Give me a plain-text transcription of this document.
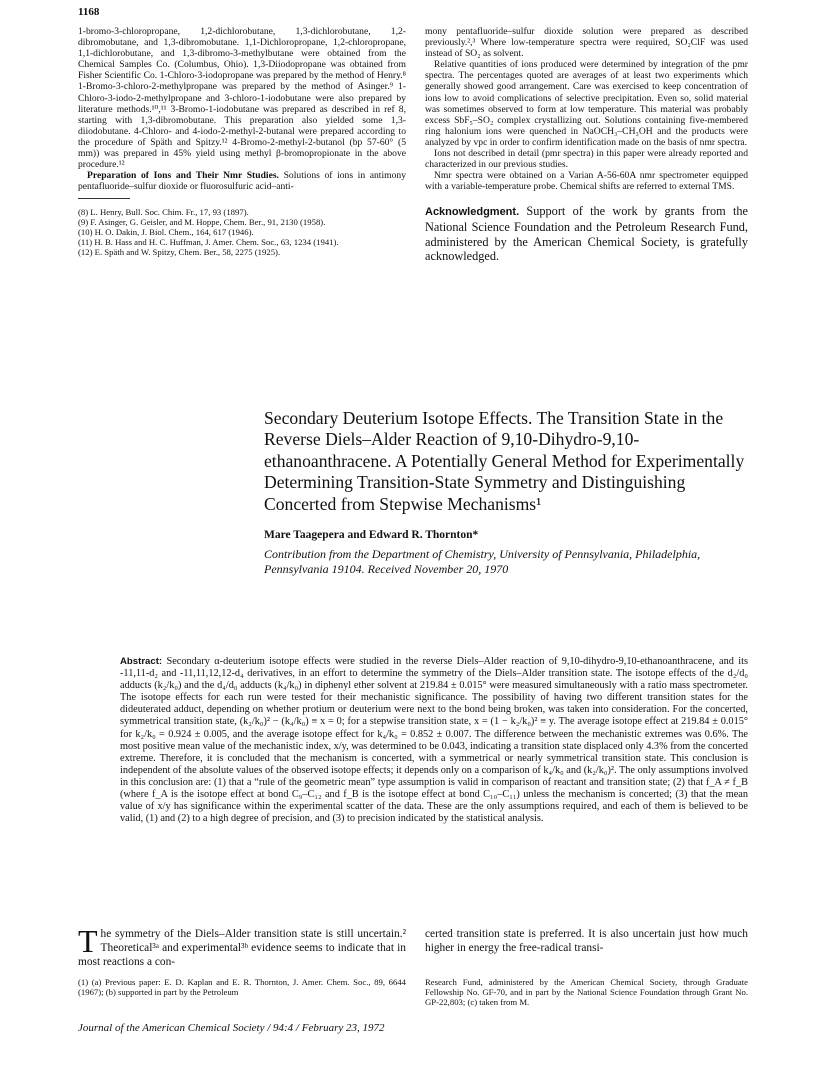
1168

1-bromo-3-chloropropane, 1,2-dichlorobutane, 1,3-dichlorobutane, 1,2-dibromobutane, and 1,3-dibromobutane. 1,1-Dichloropropane, 1,2-chloropropane, 1,1-dichlorobutane, and 1,3-dibromo-3-methylbutane were obtained from the Chemical Samples Co. (Columbus, Ohio). 1,3-Diiodopropane was obtained from Fisher Scientific Co. 1-Chloro-3-iodopropane was prepared by the method of Henry.⁸ 1-Bromo-3-chloro-2-methylpropane was prepared by the method of Asinger.⁹ 1-Chloro-3-iodo-2-methylpropane and 3-chloro-1-iodobutane were also prepared by literature methods.¹⁰,¹¹ 3-Bromo-1-iodobutane was prepared as described in ref 8, starting with 1,3-dibromobutane. This preparation also yielded some 1,3-diiodobutane. 4-Chloro- and 4-iodo-2-methyl-2-butanal were prepared according to the procedure of Späth and Spitzy.¹² 4-Bromo-2-methyl-2-butanol (bp 57-60° (5 mm)) was prepared in 45% yield using methyl β-bromopropionate in the above procedure.¹²

Preparation of Ions and Their Nmr Studies. Solutions of ions in antimony pentafluoride–sulfur dioxide or fluorosulfuric acid–anti-

(8) L. Henry, Bull. Soc. Chim. Fr., 17, 93 (1897).
(9) F. Asinger, G. Geisler, and M. Hoppe, Chem. Ber., 91, 2130 (1958).
(10) H. O. Dakin, J. Biol. Chem., 164, 617 (1946).
(11) H. B. Hass and H. C. Huffman, J. Amer. Chem. Soc., 63, 1234 (1941).
(12) E. Späth and W. Spitzy, Chem. Ber., 58, 2275 (1925).

mony pentafluoride–sulfur dioxide solution were prepared as described previously.²,³ Where low-temperature spectra were required, SO₂ClF was used instead of SO₂ as solvent.

Relative quantities of ions produced were determined by integration of the pmr spectra. The percentages quoted are averages of at least two experiments which generally showed good arrangement. Care was exercised to keep concentration of ions low to avoid complications of selective precipitation. Even so, solid material was sometimes observed to form at low temperature. This material was probably excess SbF₅–SO₂ complex crystallizing out. Solutions containing five-membered ring halonium ions were quenched in NaOCH₃–CH₃OH and the products were analyzed by vpc in order to confirm identification made on the basis of nmr spectra.

Ions not described in detail (pmr spectra) in this paper were already reported and characterized in our previous studies.

Nmr spectra were obtained on a Varian A-56-60A nmr spectrometer equipped with a variable-temperature probe. Chemical shifts are referred to external TMS.

Acknowledgment. Support of the work by grants from the National Science Foundation and the Petroleum Research Fund, administered by the American Chemical Society, is gratefully acknowledged.
Secondary Deuterium Isotope Effects. The Transition State in the Reverse Diels–Alder Reaction of 9,10-Dihydro-9,10-ethanoanthracene. A Potentially General Method for Experimentally Determining Transition-State Symmetry and Distinguishing Concerted from Stepwise Mechanisms¹
Mare Taagepera and Edward R. Thornton*
Contribution from the Department of Chemistry, University of Pennsylvania, Philadelphia, Pennsylvania 19104. Received November 20, 1970
Abstract: Secondary α-deuterium isotope effects were studied in the reverse Diels–Alder reaction of 9,10-dihydro-9,10-ethanoanthracene, and its -11,11-d₂ and -11,11,12,12-d₄ derivatives, in an effort to determine the symmetry of the Diels–Alder transition state. The isotope effects of the d₂/d₀ adducts (k₂/k₀) and the d₄/d₀ adducts (k₄/k₀) in diphenyl ether solvent at 219.84 ± 0.015° were measured simultaneously with a ratio mass spectrometer. The isotope effects for each run were tested for their mechanistic significance. The possibility of having two different transition states for the dideuterated adduct, depending on whether protium or deuterium were next to the bond being broken, was taken into consideration. For the concerted, symmetrical transition state, (k₂/k₀)² − (k₄/k₀) ≡ x = 0; for a stepwise transition state, x = (1 − k₂/k₀)² ≡ y. The average isotope effect at 219.84 ± 0.015° for k₂/k₀ = 0.924 ± 0.005, and the average isotope effect for k₄/k₀ = 0.852 ± 0.007. The difference between the mechanistic extremes was 0.6%. The most positive mean value of the mechanistic index, x/y, was determined to be 0.043, indicating a transition state displaced only 4.3% from the concerted extreme. Therefore, it is concluded that the mechanism is concerted, with a symmetrical or nearly symmetrical transition state. This conclusion is independent of the absolute values of the observed isotope effects; it depends only on a comparison of k₄/k₀ and (k₂/k₀)². The only assumptions involved in this conclusion are: (1) that a “rule of the geometric mean” type assumption is valid in comparison of reactant and transition state; (2) that f_A ≠ f_B (where f_A is the isotope effect at bond C₉–C₁₂ and f_B is the isotope effect at bond C₁₀–C₁₁) unless the mechanism is concerted; (3) that the mean value of x/y has significance within the experimental scatter of the data. These are the only assumptions required, and each of them is believed to be valid, (1) and (2) to a high degree of precision, and (3) to precision indicated by the statistical analysis.
The symmetry of the Diels–Alder transition state is still uncertain.² Theoretical³ᵃ and experimental³ᵇ evidence seems to indicate that in most reactions a con-
certed transition state is preferred. It is also uncertain just how much higher in energy the free-radical transi-
(1) (a) Previous paper: E. D. Kaplan and E. R. Thornton, J. Amer. Chem. Soc., 89, 6644 (1967); (b) supported in part by the Petroleum
Research Fund, administered by the American Chemical Society, through Graduate Fellowship No. GF-70, and in part by the National Science Foundation through Grant No. GP-22,803; (c) taken from M.
Journal of the American Chemical Society / 94:4 / February 23, 1972
